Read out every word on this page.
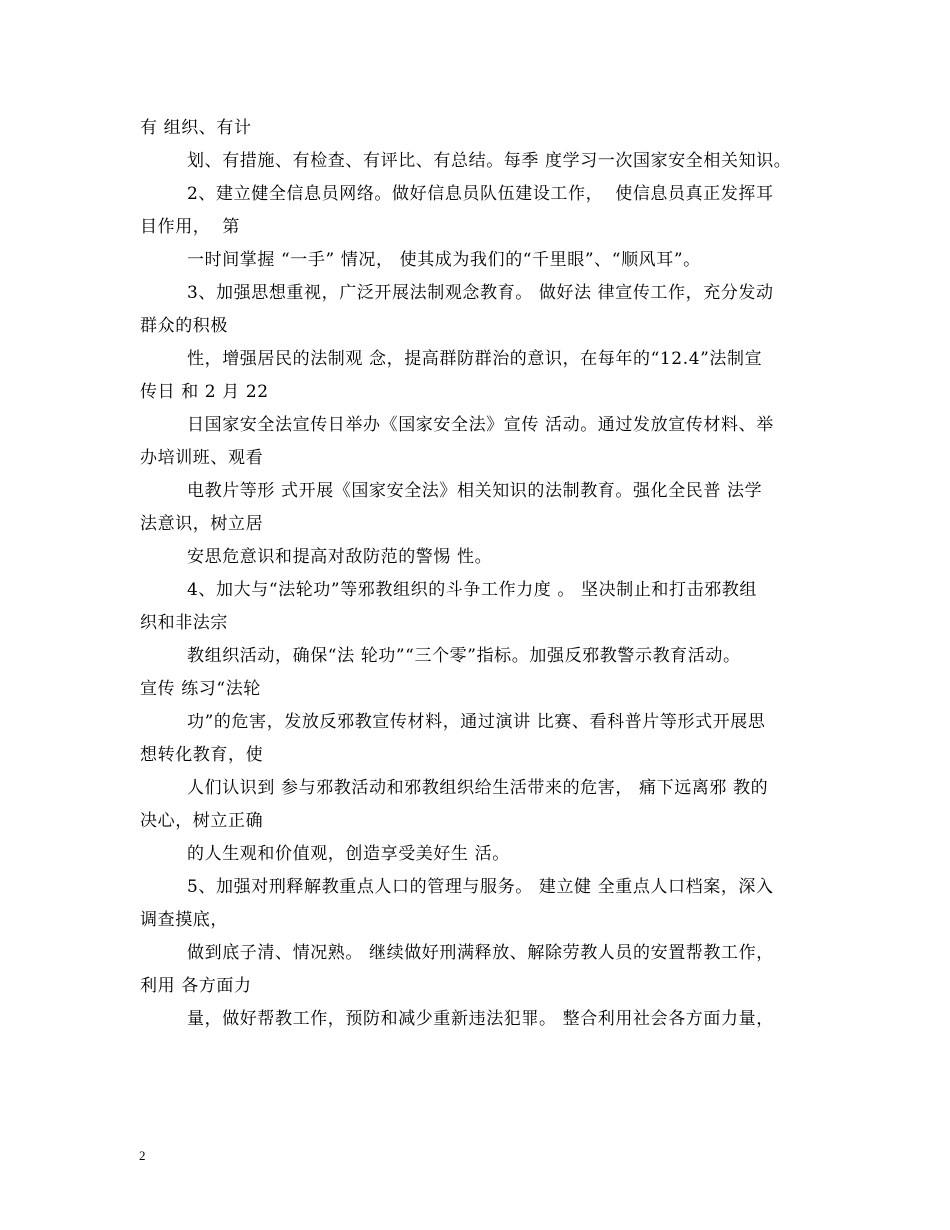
有 组织、有计
划、有措施、有检查、有评比、有总结。每季 度学习一次国家安全相关知识。
2、建立健全信息员网络。做好信息员队伍建设工作，  使信息员真正发挥耳
目作用，  第
一时间掌握 “一手” 情况， 使其成为我们的“千里眼”、“顺风耳”。
3、加强思想重视，广泛开展法制观念教育。 做好法 律宣传工作，充分发动
群众的积极
性，增强居民的法制观 念，提高群防群治的意识，在每年的“12.4”法制宣
传日 和 2 月 22
日国家安全法宣传日举办《国家安全法》宣传 活动。通过发放宣传材料、举
办培训班、观看
电教片等形 式开展《国家安全法》相关知识的法制教育。强化全民普 法学
法意识，树立居
安思危意识和提高对敌防范的警惕 性。
4、加大与“法轮功”等邪教组织的斗争工作力度 。 坚决制止和打击邪教组
织和非法宗
教组织活动，确保“法 轮功”“三个零”指标。加强反邪教警示教育活动。
宣传 练习“法轮
功”的危害，发放反邪教宣传材料，通过演讲 比赛、看科普片等形式开展思
想转化教育，使
人们认识到 参与邪教活动和邪教组织给生活带来的危害， 痛下远离邪 教的
决心，树立正确
的人生观和价值观，创造享受美好生 活。
5、加强对刑释解教重点人口的管理与服务。 建立健 全重点人口档案，深入
调查摸底，
做到底子清、情况熟。 继续做好刑满释放、解除劳教人员的安置帮教工作，
利用 各方面力
量，做好帮教工作，预防和减少重新违法犯罪。 整合利用社会各方面力量，
2
